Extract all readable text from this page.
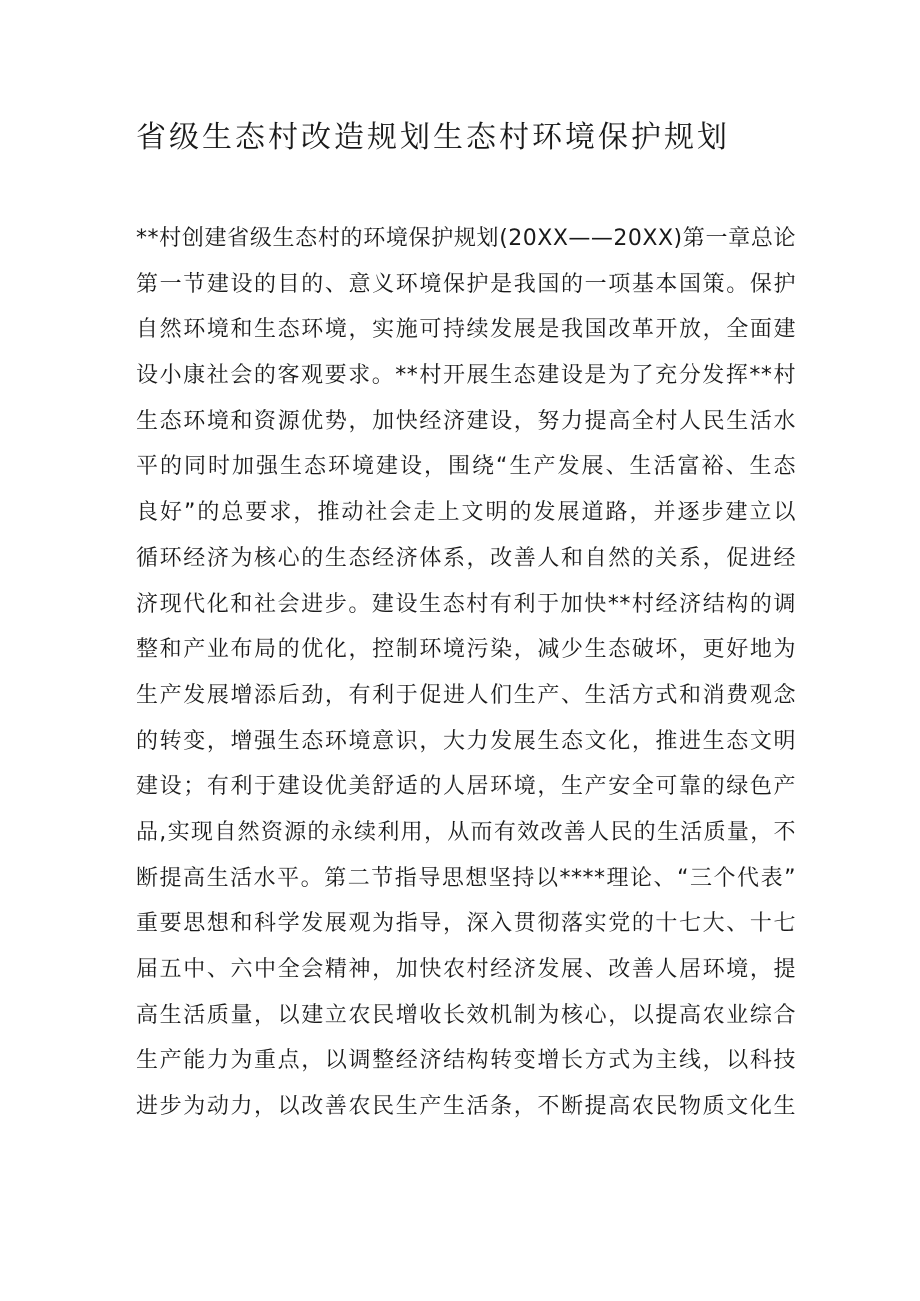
省级生态村改造规划生态村环境保护规划
**村创建省级生态村的环境保护规划(20XX——20XX)第一章总论
第一节建设的目的、意义环境保护是我国的一项基本国策。保护
自然环境和生态环境，实施可持续发展是我国改革开放，全面建
设小康社会的客观要求。**村开展生态建设是为了充分发挥**村
生态环境和资源优势，加快经济建设，努力提高全村人民生活水
平的同时加强生态环境建设，围绕“生产发展、生活富裕、生态
良好”的总要求，推动社会走上文明的发展道路，并逐步建立以
循环经济为核心的生态经济体系，改善人和自然的关系，促进经
济现代化和社会进步。建设生态村有利于加快**村经济结构的调
整和产业布局的优化，控制环境污染，减少生态破坏，更好地为
生产发展增添后劲，有利于促进人们生产、生活方式和消费观念
的转变，增强生态环境意识，大力发展生态文化，推进生态文明
建设；有利于建设优美舒适的人居环境，生产安全可靠的绿色产
品,实现自然资源的永续利用，从而有效改善人民的生活质量，不
断提高生活水平。第二节指导思想坚持以****理论、“三个代表”
重要思想和科学发展观为指导，深入贯彻落实党的十七大、十七
届五中、六中全会精神，加快农村经济发展、改善人居环境，提
高生活质量，以建立农民增收长效机制为核心，以提高农业综合
生产能力为重点，以调整经济结构转变增长方式为主线，以科技
进步为动力，以改善农民生产生活条，不断提高农民物质文化生
